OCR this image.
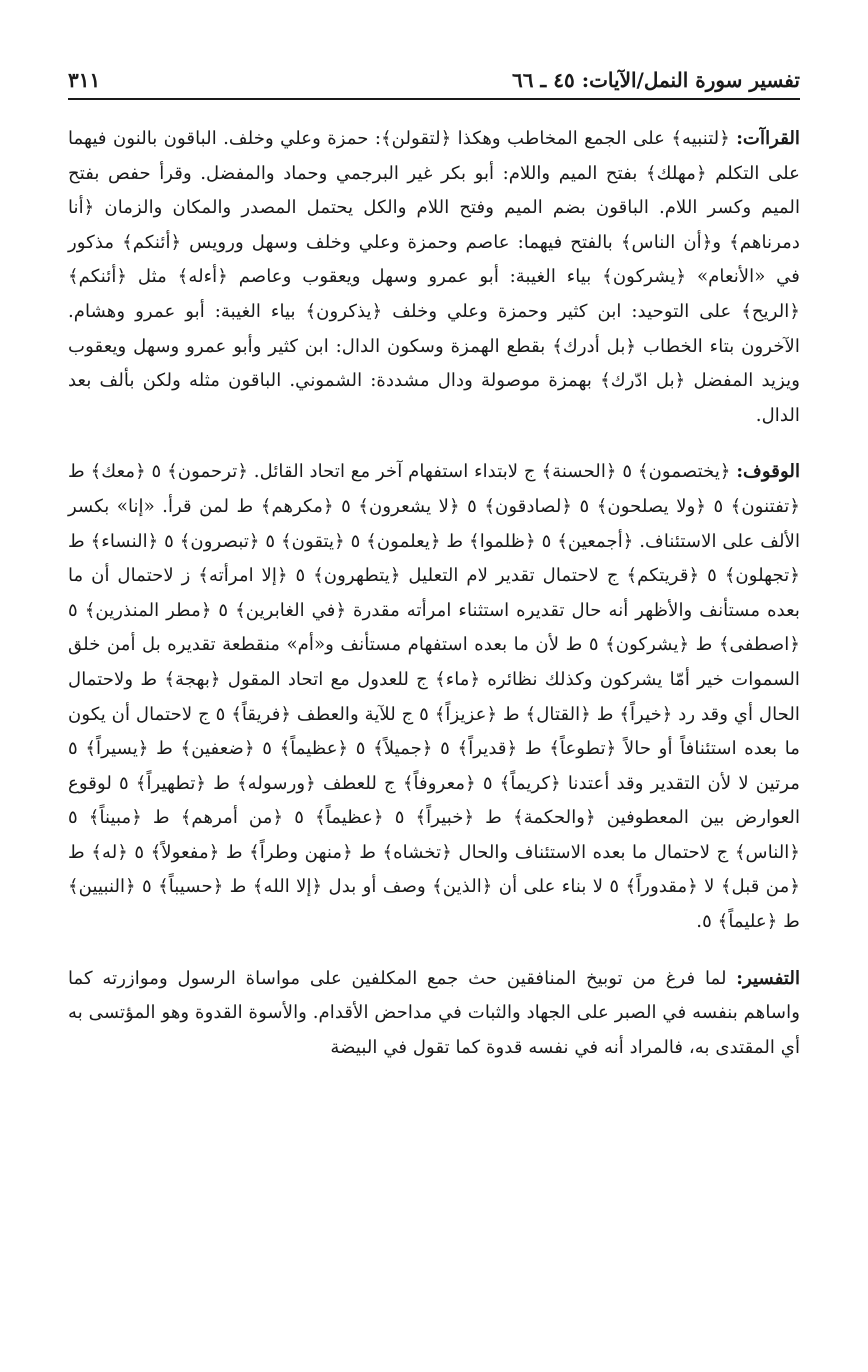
تفسير سورة النمل/الآيات: ٤٥ ـ ٦٦
٣١١

القراآت: ﴿لتنبيه﴾ على الجمع المخاطب وهكذا ﴿لتقولن﴾: حمزة وعلي وخلف. الباقون بالنون فيهما على التكلم ﴿مهلك﴾ بفتح الميم واللام: أبو بكر غير البرجمي وحماد والمفضل. وقرأ حفص بفتح الميم وكسر اللام. الباقون بضم الميم وفتح اللام والكل يحتمل المصدر والمكان والزمان ﴿أنا دمرناهم﴾ و﴿أن الناس﴾ بالفتح فيهما: عاصم وحمزة وعلي وخلف وسهل ورويس ﴿أئنكم﴾ مذكور في «الأنعام» ﴿يشركون﴾ بياء الغيبة: أبو عمرو وسهل ويعقوب وعاصم ﴿أءله﴾ مثل ﴿أئنكم﴾ ﴿الريح﴾ على التوحيد: ابن كثير وحمزة وعلي وخلف ﴿يذكرون﴾ بياء الغيبة: أبو عمرو وهشام. الآخرون بتاء الخطاب ﴿بل أدرك﴾ بقطع الهمزة وسكون الدال: ابن كثير وأبو عمرو وسهل ويعقوب ويزيد المفضل ﴿بل ادّرك﴾ بهمزة موصولة ودال مشددة: الشموني. الباقون مثله ولكن بألف بعد الدال.

الوقوف: ﴿يختصمون﴾ ٥ ﴿الحسنة﴾ ج لابتداء استفهام آخر مع اتحاد القائل. ﴿ترحمون﴾ ٥ ﴿معك﴾ ط ﴿تفتنون﴾ ٥ ﴿ولا يصلحون﴾ ٥ ﴿لصادقون﴾ ٥ ﴿لا يشعرون﴾ ٥ ﴿مكرهم﴾ ط لمن قرأ. «إنا» بكسر الألف على الاستئناف. ﴿أجمعين﴾ ٥ ﴿ظلموا﴾ ط ﴿يعلمون﴾ ٥ ﴿يتقون﴾ ٥ ﴿تبصرون﴾ ٥ ﴿النساء﴾ ط ﴿تجهلون﴾ ٥ ﴿قريتكم﴾ ج لاحتمال تقدير لام التعليل ﴿يتطهرون﴾ ٥ ﴿إلا امرأته﴾ ز لاحتمال أن ما بعده مستأنف والأظهر أنه حال تقديره استثناء امرأته مقدرة ﴿في الغابرين﴾ ٥ ﴿مطر المنذرين﴾ ٥ ﴿اصطفى﴾ ط ﴿يشركون﴾ ٥ ط لأن ما بعده استفهام مستأنف و«أم» منقطعة تقديره بل أمن خلق السموات خير أمّا يشركون وكذلك نظائره ﴿ماء﴾ ج للعدول مع اتحاد المقول ﴿بهجة﴾ ط ولاحتمال الحال أي وقد رد ﴿خيراً﴾ ط ﴿القتال﴾ ط ﴿عزيزاً﴾ ٥ ج للآية والعطف ﴿فريقاً﴾ ٥ ج لاحتمال أن يكون ما بعده استئنافاً أو حالاً ﴿تطوعاً﴾ ط ﴿قديراً﴾ ٥ ﴿جميلاً﴾ ٥ ﴿عظيماً﴾ ٥ ﴿ضعفين﴾ ط ﴿يسيراً﴾ ٥ مرتين لا لأن التقدير وقد أعتدنا ﴿كريماً﴾ ٥ ﴿معروفاً﴾ ج للعطف ﴿ورسوله﴾ ط ﴿تطهيراً﴾ ٥ لوقوع العوارض بين المعطوفين ﴿والحكمة﴾ ط ﴿خبيراً﴾ ٥ ﴿عظيماً﴾ ٥ ﴿من أمرهم﴾ ط ﴿مبيناً﴾ ٥ ﴿الناس﴾ ج لاحتمال ما بعده الاستئناف والحال ﴿تخشاه﴾ ط ﴿منهن وطراً﴾ ط ﴿مفعولاً﴾ ٥ ﴿له﴾ ط ﴿من قبل﴾ لا ﴿مقدوراً﴾ ٥ لا بناء على أن ﴿الذين﴾ وصف أو بدل ﴿إلا الله﴾ ط ﴿حسيباً﴾ ٥ ﴿النبيين﴾ ط ﴿عليماً﴾ ٥.

التفسير: لما فرغ من توبيخ المنافقين حث جمع المكلفين على مواساة الرسول وموازرته كما واساهم بنفسه في الصبر على الجهاد والثبات في مداحض الأقدام. والأسوة القدوة وهو المؤتسى به أي المقتدى به، فالمراد أنه في نفسه قدوة كما تقول في البيضة
